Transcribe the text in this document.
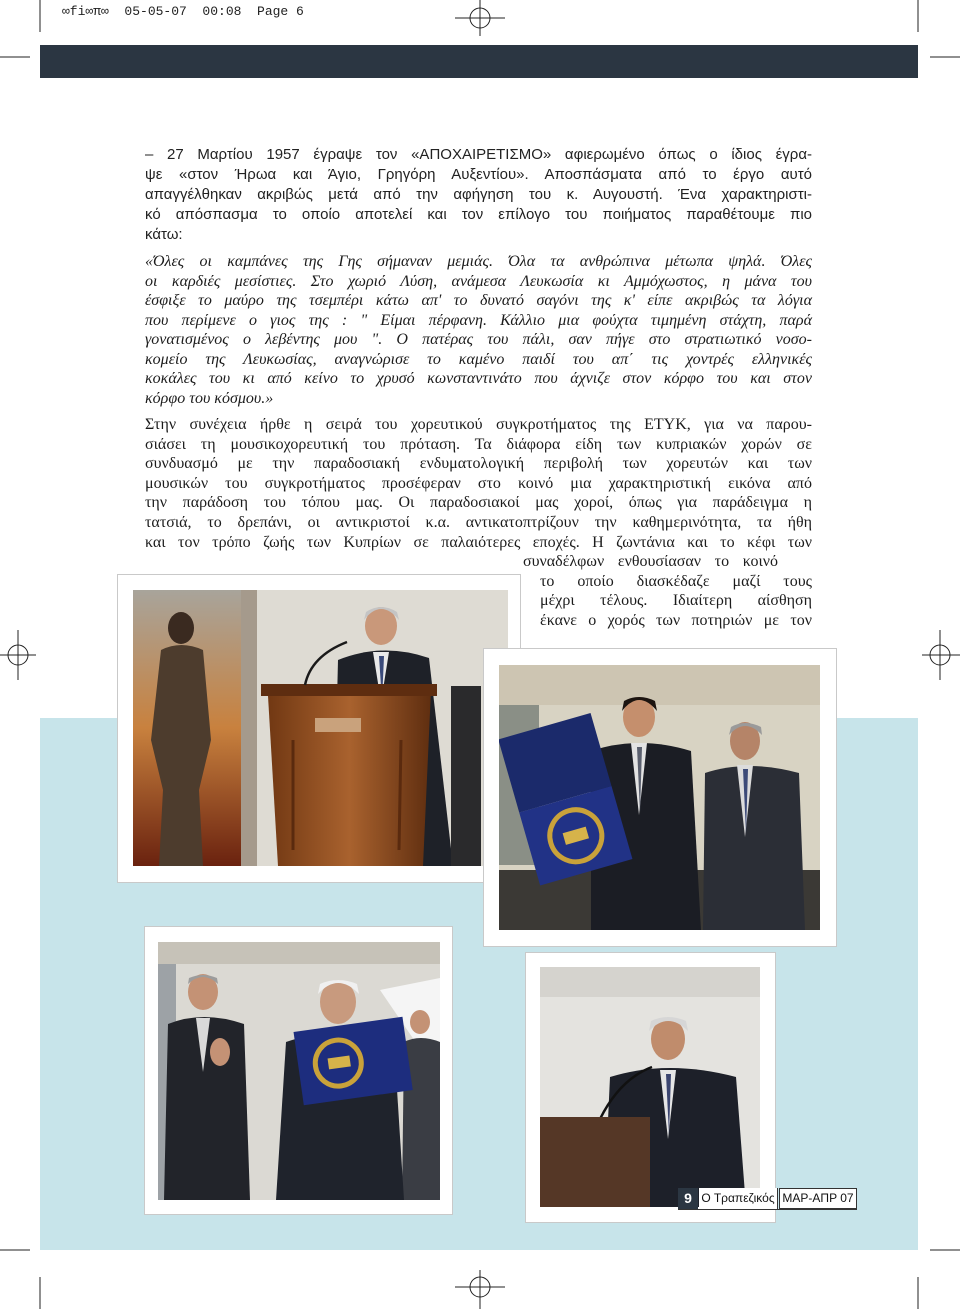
∞fi∞π∞  05-05-07  00:08  Page 6
– 27 Μαρτίου 1957 έγραψε τον «ΑΠΟΧΑΙΡΕΤΙΣΜΟ» αφιερωμένο όπως ο ίδιος έγρα-
ψε «στον Ήρωα και Άγιο, Γρηγόρη Αυξεντίου». Αποσπάσματα από το έργο αυτό
απαγγέλθηκαν ακριβώς μετά από την αφήγηση του κ. Αυγουστή. Ένα χαρακτηριστι-
κό απόσπασμα το οποίο αποτελεί και τον επίλογο του ποιήματος παραθέτουμε πιο
κάτω:
«Όλες οι καμπάνες της Γης σήμαναν μεμιάς. Όλα τα ανθρώπινα μέτωπα ψηλά. Όλες
οι καρδιές μεσίστιες. Στο χωριό Λύση, ανάμεσα Λευκωσία κι Αμμόχωστος, η μάνα του
έσφιξε το μαύρο της τσεμπέρι κάτω απ' το δυνατό σαγόνι της κ' είπε ακριβώς τα λόγια
που περίμενε ο γιος της : " Είμαι πέρφανη. Κάλλιο μια φούχτα τιμημένη στάχτη, παρά
γονατισμένος ο λεβέντης μου ". Ο πατέρας του πάλι, σαν πήγε στο στρατιωτικό νοσο-
κομείο της Λευκωσίας, αναγνώρισε το καμένο παιδί του απ΄ τις χοντρές ελληνικές
κοκάλες του κι από κείνο το χρυσό κωνσταντινάτο που άχνιζε στον κόρφο του και στον
κόρφο του κόσμου.»
Στην συνέχεια ήρθε η σειρά του χορευτικού συγκροτήματος της ΕΤΥΚ, για να παρου-
σιάσει τη μουσικοχορευτική του πρόταση. Τα διάφορα είδη των κυπριακών χορών σε
συνδυασμό με την παραδοσιακή ενδυματολογική περιβολή των χορευτών και των
μουσικών του συγκροτήματος προσέφεραν στο κοινό μια χαρακτηριστική εικόνα από
την παράδοση του τόπου μας. Οι παραδοσιακοί μας χοροί, όπως για παράδειγμα η
τατσιά, το δρεπάνι, οι αντικριστοί κ.α. αντικατοπτρίζουν την καθημερινότητα, τα ήθη
και τον τρόπο ζωής των Κυπρίων σε παλαιότερες εποχές. Η ζωντάνια και το κέφι των
συναδέλφων ενθουσίασαν το κοινό
το οποίο διασκέδαζε μαζί τους
μέχρι τέλους. Ιδιαίτερη αίσθηση
έκανε ο χορός των ποτηριών με τον
9 Ο Τραπεζικός ΜΑΡ-ΑΠΡ 07
